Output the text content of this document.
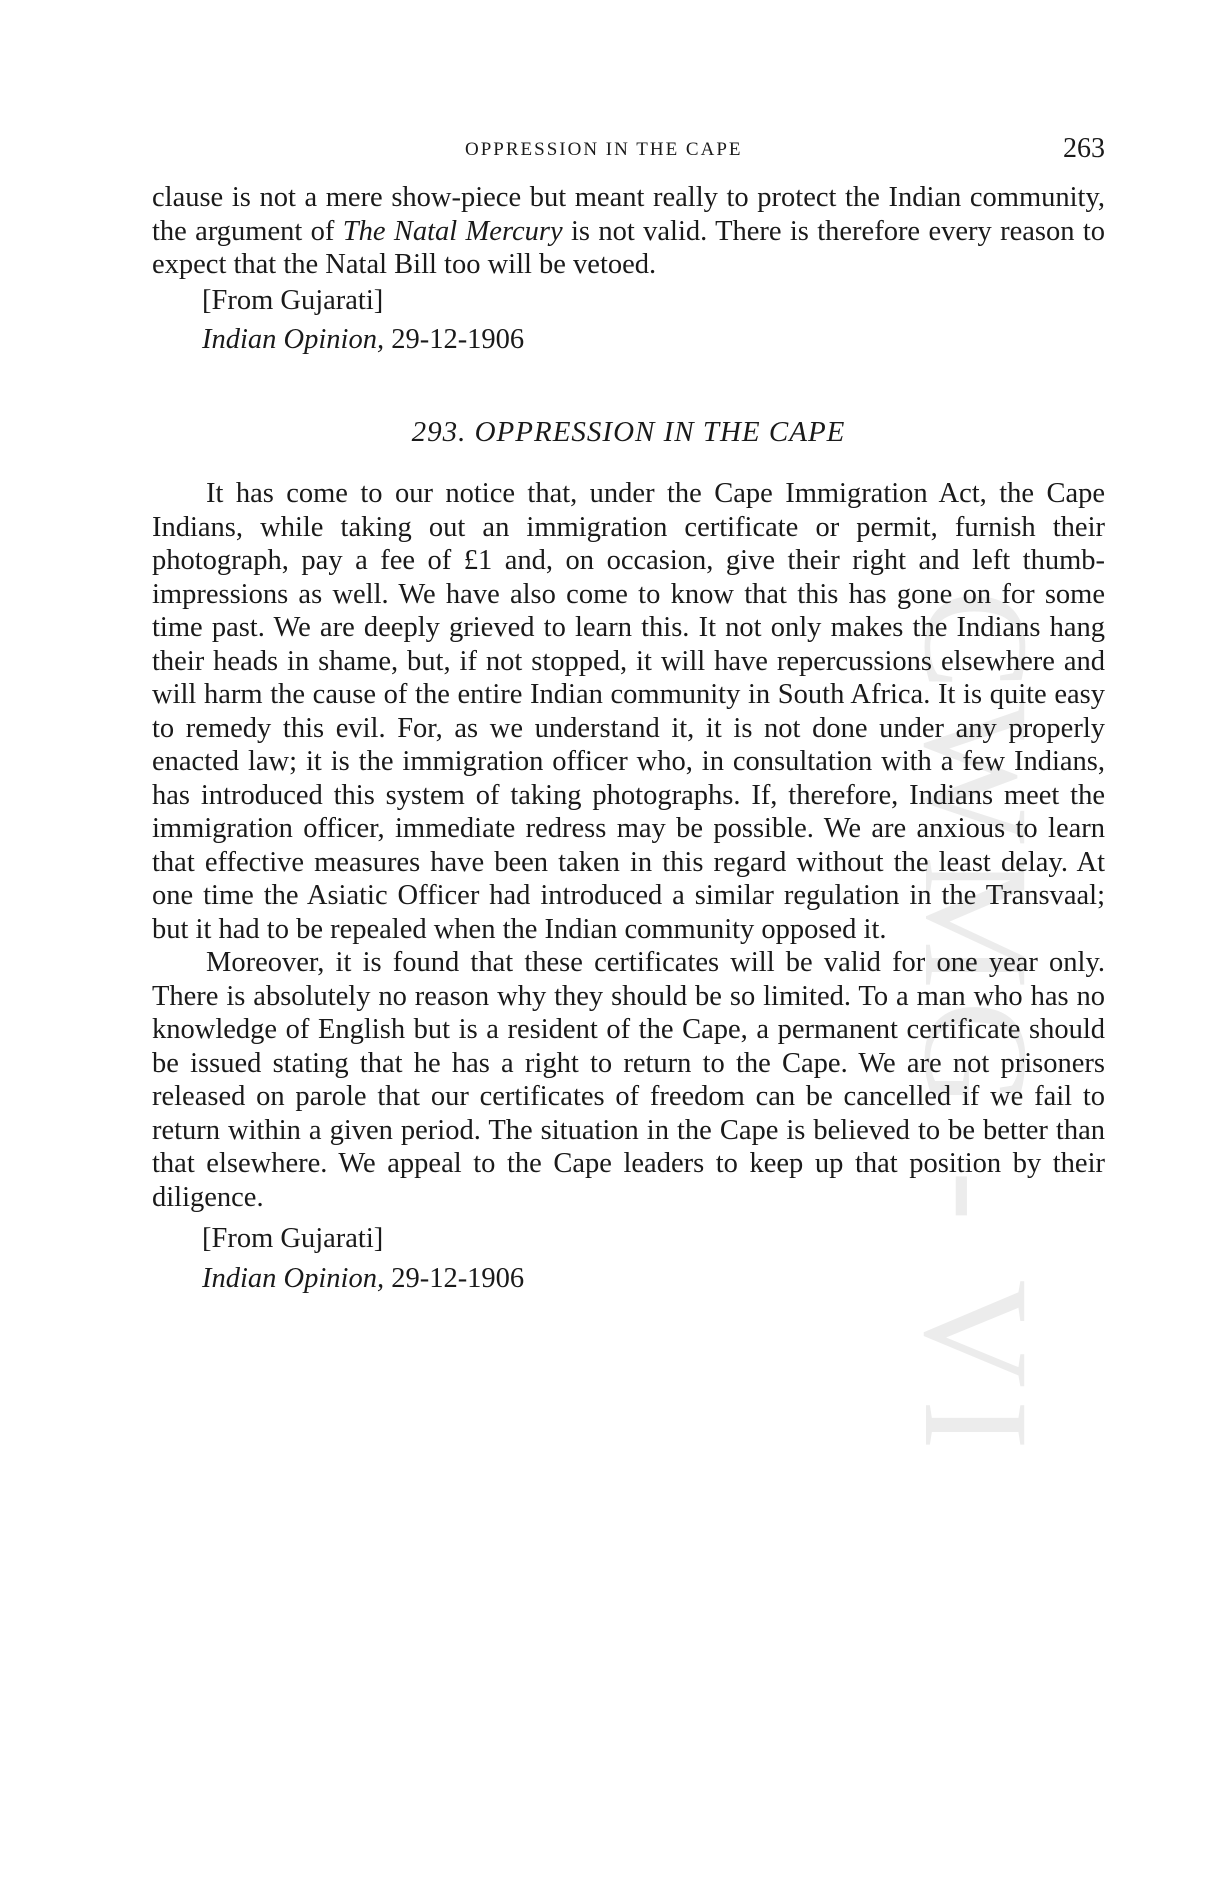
CWMG - VI
OPPRESSION IN THE CAPE	263

clause is not a mere show-piece but meant really to protect the Indian community, the argument of The Natal Mercury is not valid. There is therefore every reason to expect that the Natal Bill too will be vetoed.

[From Gujarati]
Indian Opinion, 29-12-1906
293. OPPRESSION IN THE CAPE

It has come to our notice that, under the Cape Immigration Act, the Cape Indians, while taking out an immigration certificate or permit, furnish their photograph, pay a fee of £1 and, on occasion, give their right and left thumb-impressions as well. We have also come to know that this has gone on for some time past. We are deeply grieved to learn this. It not only makes the Indians hang their heads in shame, but, if not stopped, it will have repercussions elsewhere and will harm the cause of the entire Indian community in South Africa. It is quite easy to remedy this evil. For, as we understand it, it is not done under any properly enacted law; it is the immigration officer who, in consultation with a few Indians, has introduced this system of taking photographs. If, therefore, Indians meet the immigration officer, immediate redress may be possible. We are anxious to learn that effective measures have been taken in this regard without the least delay. At one time the Asiatic Officer had introduced a similar regulation in the Transvaal; but it had to be repealed when the Indian community opposed it.

Moreover, it is found that these certificates will be valid for one year only. There is absolutely no reason why they should be so limited. To a man who has no knowledge of English but is a resident of the Cape, a permanent certificate should be issued stating that he has a right to return to the Cape. We are not prisoners released on parole that our certificates of freedom can be cancelled if we fail to return within a given period. The situation in the Cape is believed to be better than that elsewhere. We appeal to the Cape leaders to keep up that position by their diligence.

[From Gujarati]
Indian Opinion, 29-12-1906
